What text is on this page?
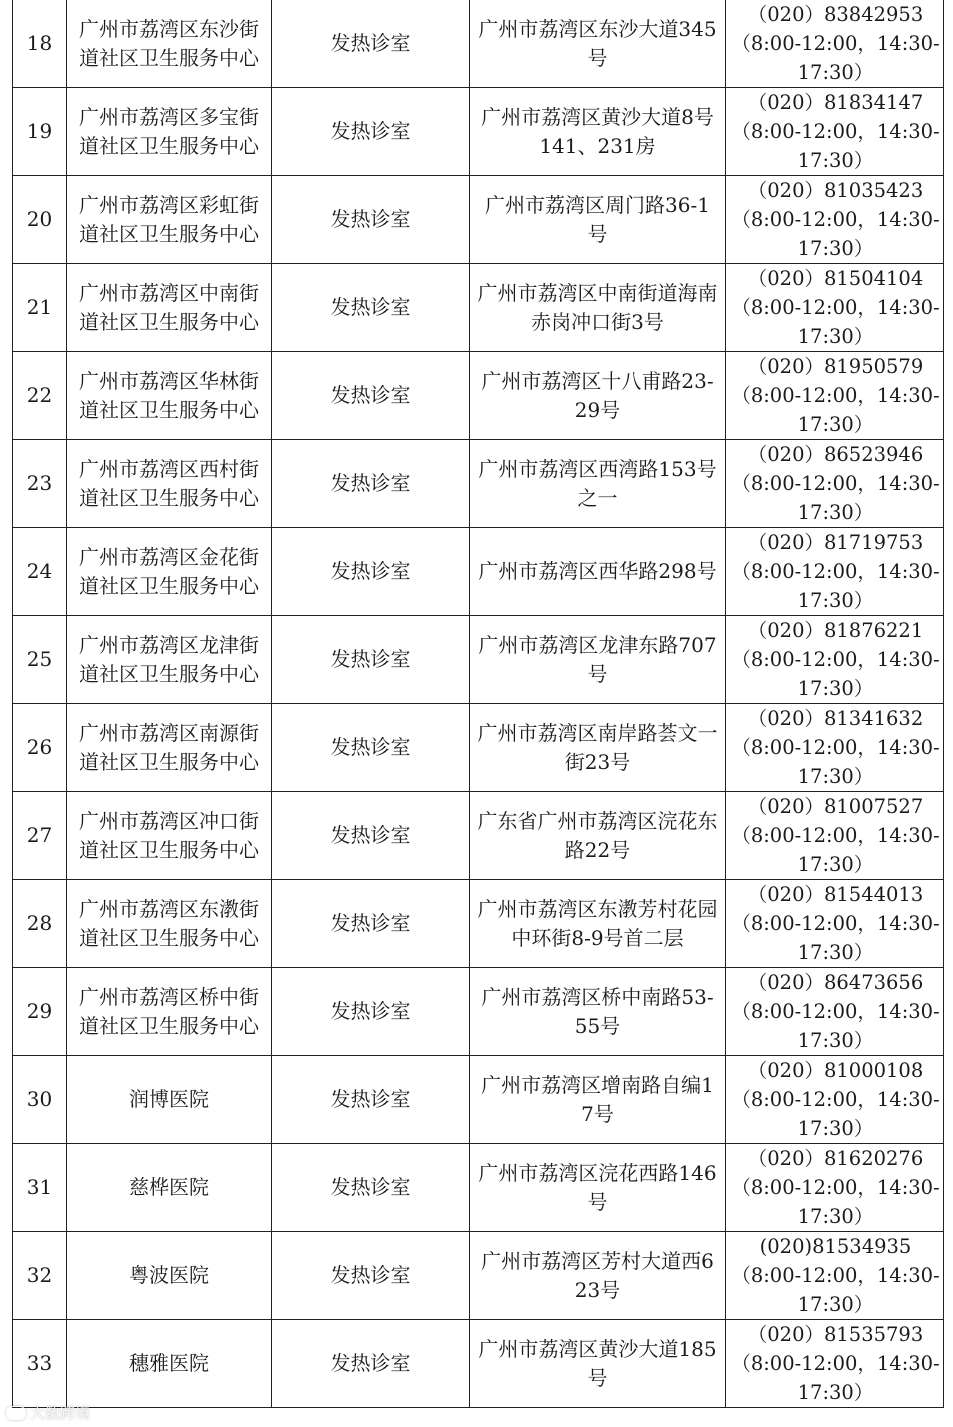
18	广州市荔湾区东沙街道社区卫生服务中心	发热诊室	广州市荔湾区东沙大道345号	（020）83842953
（8:00-12:00，14:30-17:30）

19	广州市荔湾区多宝街道社区卫生服务中心	发热诊室	广州市荔湾区黄沙大道8号141、231房	（020）81834147
（8:00-12:00，14:30-17:30）

20	广州市荔湾区彩虹街道社区卫生服务中心	发热诊室	广州市荔湾区周门路36-1号	（020）81035423
（8:00-12:00，14:30-17:30）

21	广州市荔湾区中南街道社区卫生服务中心	发热诊室	广州市荔湾区中南街道海南赤岗冲口街3号	（020）81504104
（8:00-12:00，14:30-17:30）

22	广州市荔湾区华林街道社区卫生服务中心	发热诊室	广州市荔湾区十八甫路23-29号	（020）81950579
（8:00-12:00，14:30-17:30）

23	广州市荔湾区西村街道社区卫生服务中心	发热诊室	广州市荔湾区西湾路153号之一	（020）86523946
（8:00-12:00，14:30-17:30）

24	广州市荔湾区金花街道社区卫生服务中心	发热诊室	广州市荔湾区西华路298号	（020）81719753
（8:00-12:00，14:30-17:30）

25	广州市荔湾区龙津街道社区卫生服务中心	发热诊室	广州市荔湾区龙津东路707号	（020）81876221
（8:00-12:00，14:30-17:30）

26	广州市荔湾区南源街道社区卫生服务中心	发热诊室	广州市荔湾区南岸路荟文一街23号	（020）81341632
（8:00-12:00，14:30-17:30）

27	广州市荔湾区冲口街道社区卫生服务中心	发热诊室	广东省广州市荔湾区浣花东路22号	（020）81007527
（8:00-12:00，14:30-17:30）

28	广州市荔湾区东漖街道社区卫生服务中心	发热诊室	广州市荔湾区东漖芳村花园中环街8-9号首二层	（020）81544013
（8:00-12:00，14:30-17:30）

29	广州市荔湾区桥中街道社区卫生服务中心	发热诊室	广州市荔湾区桥中南路53-55号	（020）86473656
（8:00-12:00，14:30-17:30）

30	润博医院	发热诊室	广州市荔湾区增南路自编17号	（020）81000108
（8:00-12:00，14:30-17:30）

31	慈桦医院	发热诊室	广州市荔湾区浣花西路146号	（020）81620276
（8:00-12:00，14:30-17:30）

32	粤波医院	发热诊室	广州市荔湾区芳村大道西623号	(020)81534935
（8:00-12:00，14:30-17:30）

33	穗雅医院	发热诊室	广州市荔湾区黄沙大道185号	（020）81535793
（8:00-12:00，14:30-17:30）
大数跨境
